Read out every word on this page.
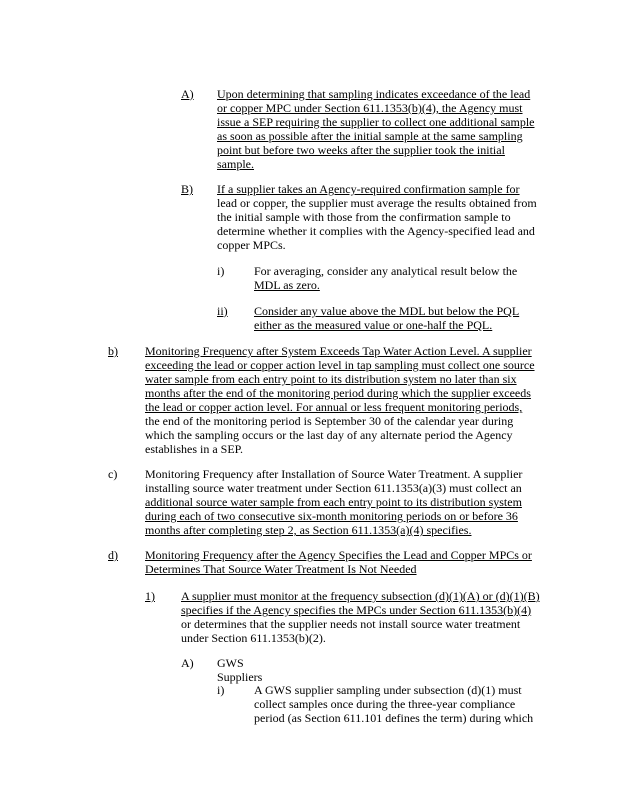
A) Upon determining that sampling indicates exceedance of the lead
or copper MPC under Section 611.1353(b)(4), the Agency must
issue a SEP requiring the supplier to collect one additional sample
as soon as possible after the initial sample at the same sampling
point but before two weeks after the supplier took the initial
sample.
B) If a supplier takes an Agency-required confirmation sample for
lead or copper, the supplier must average the results obtained from
the initial sample with those from the confirmation sample to
determine whether it complies with the Agency-specified lead and
copper MPCs.
i) For averaging, consider any analytical result below the
MDL as zero.
ii) Consider any value above the MDL but below the PQL
either as the measured value or one-half the PQL.
b) Monitoring Frequency after System Exceeds Tap Water Action Level. A supplier
exceeding the lead or copper action level in tap sampling must collect one source
water sample from each entry point to its distribution system no later than six
months after the end of the monitoring period during which the supplier exceeds
the lead or copper action level. For annual or less frequent monitoring periods,
the end of the monitoring period is September 30 of the calendar year during
which the sampling occurs or the last day of any alternate period the Agency
establishes in a SEP.
c) Monitoring Frequency after Installation of Source Water Treatment. A supplier
installing source water treatment under Section 611.1353(a)(3) must collect an
additional source water sample from each entry point to its distribution system
during each of two consecutive six-month monitoring periods on or before 36
months after completing step 2, as Section 611.1353(a)(4) specifies.
d) Monitoring Frequency after the Agency Specifies the Lead and Copper MPCs or
Determines That Source Water Treatment Is Not Needed
1) A supplier must monitor at the frequency subsection (d)(1)(A) or (d)(1)(B)
specifies if the Agency specifies the MPCs under Section 611.1353(b)(4)
or determines that the supplier needs not install source water treatment
under Section 611.1353(b)(2).
A) GWS Suppliers
i) A GWS supplier sampling under subsection (d)(1) must
collect samples once during the three-year compliance
period (as Section 611.101 defines the term) during which
